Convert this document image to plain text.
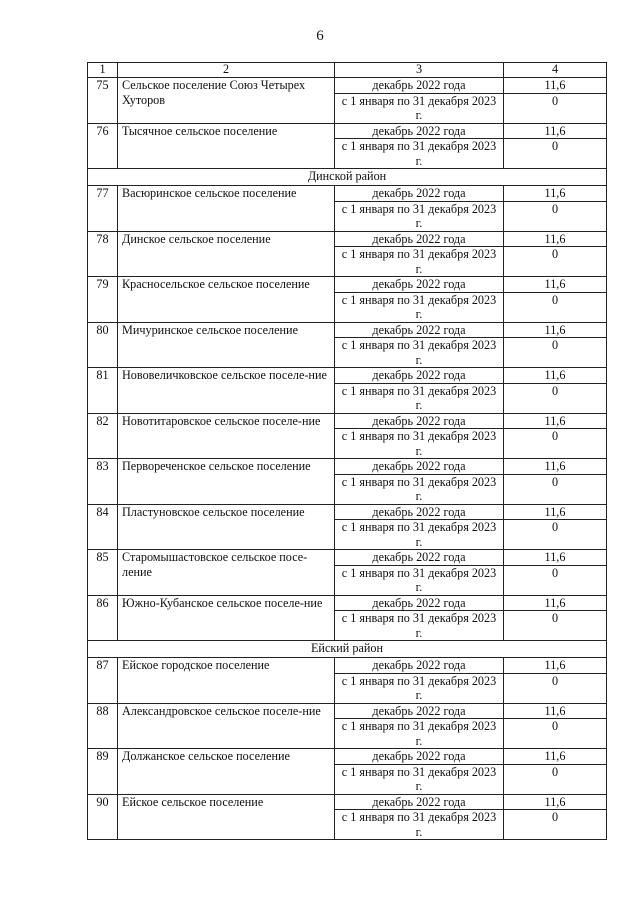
6
1	2	3	4
75	Сельское поселение Союз Четырех Хуторов	декабрь 2022 года	11,6
		с 1 января по 31 декабря 2023 г.	0
76	Тысячное сельское поселение	декабрь 2022 года	11,6
		с 1 января по 31 декабря 2023 г.	0
Динской район			
77	Васюринское сельское поселение	декабрь 2022 года	11,6
		с 1 января по 31 декабря 2023 г.	0
78	Динское сельское поселение	декабрь 2022 года	11,6
		с 1 января по 31 декабря 2023 г.	0
79	Красносельское сельское поселение	декабрь 2022 года	11,6
		с 1 января по 31 декабря 2023 г.	0
80	Мичуринское сельское поселение	декабрь 2022 года	11,6
		с 1 января по 31 декабря 2023 г.	0
81	Нововеличковское сельское поселе-ние	декабрь 2022 года	11,6
		с 1 января по 31 декабря 2023 г.	0
82	Новотитаровское сельское поселе-ние	декабрь 2022 года	11,6
		с 1 января по 31 декабря 2023 г.	0
83	Первореченское сельское поселение	декабрь 2022 года	11,6
		с 1 января по 31 декабря 2023 г.	0
84	Пластуновское сельское поселение	декабрь 2022 года	11,6
		с 1 января по 31 декабря 2023 г.	0
85	Старомышастовское сельское посе-ление	декабрь 2022 года	11,6
		с 1 января по 31 декабря 2023 г.	0
86	Южно-Кубанское сельское поселе-ние	декабрь 2022 года	11,6
		с 1 января по 31 декабря 2023 г.	0
Ейский район			
87	Ейское городское поселение	декабрь 2022 года	11,6
		с 1 января по 31 декабря 2023 г.	0
88	Александровское сельское поселе-ние	декабрь 2022 года	11,6
		с 1 января по 31 декабря 2023 г.	0
89	Должанское сельское поселение	декабрь 2022 года	11,6
		с 1 января по 31 декабря 2023 г.	0
90	Ейское сельское поселение	декабрь 2022 года	11,6
		с 1 января по 31 декабря 2023 г.	0
